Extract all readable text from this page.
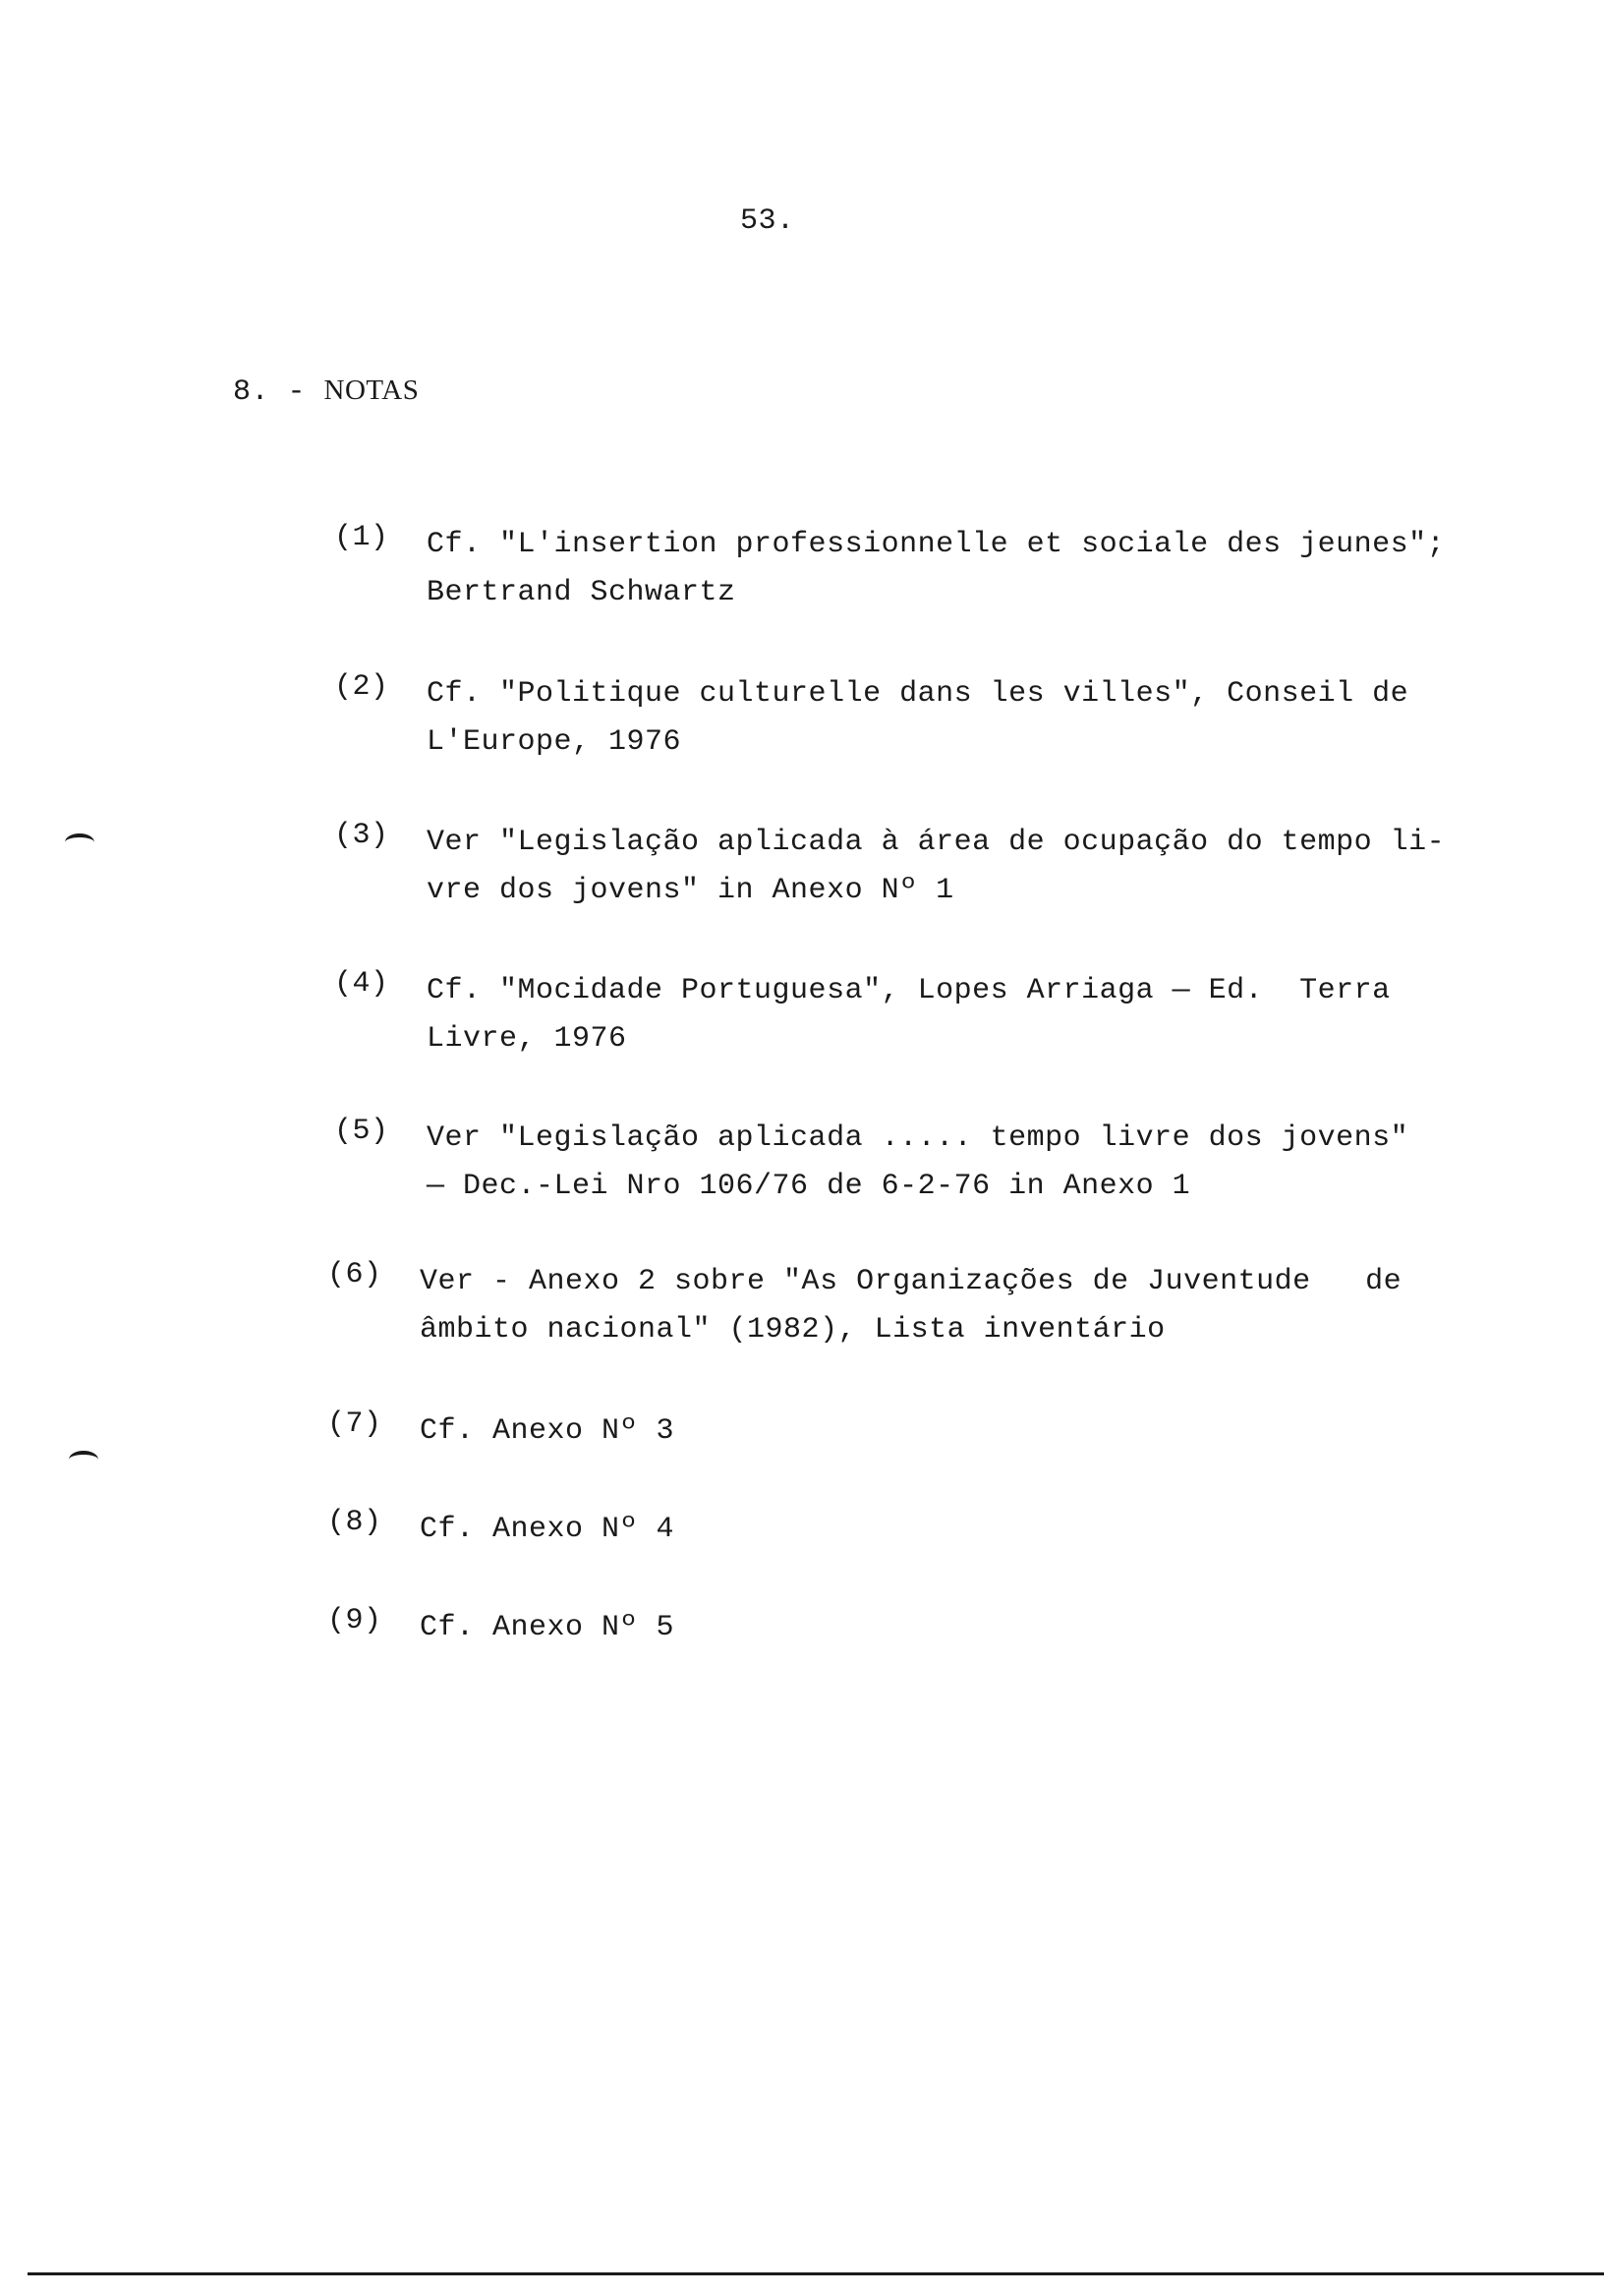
53.
8. - NOTAS
(1) Cf. "L'insertion professionnelle et sociale des jeunes";
Bertrand Schwartz
(2) Cf. "Politique culturelle dans les villes", Conseil de
L'Europe, 1976
(3) Ver "Legislação aplicada à área de ocupação do tempo li-
vre dos jovens" in Anexo Nº 1
(4) Cf. "Mocidade Portuguesa", Lopes Arriaga — Ed.  Terra
Livre, 1976
(5) Ver "Legislação aplicada ..... tempo livre dos jovens"
— Dec.-Lei Nro 106/76 de 6-2-76 in Anexo 1
(6) Ver - Anexo 2 sobre "As Organizações de Juventude   de
âmbito nacional" (1982), Lista inventário
(7) Cf. Anexo Nº 3
(8) Cf. Anexo Nº 4
(9) Cf. Anexo Nº 5
